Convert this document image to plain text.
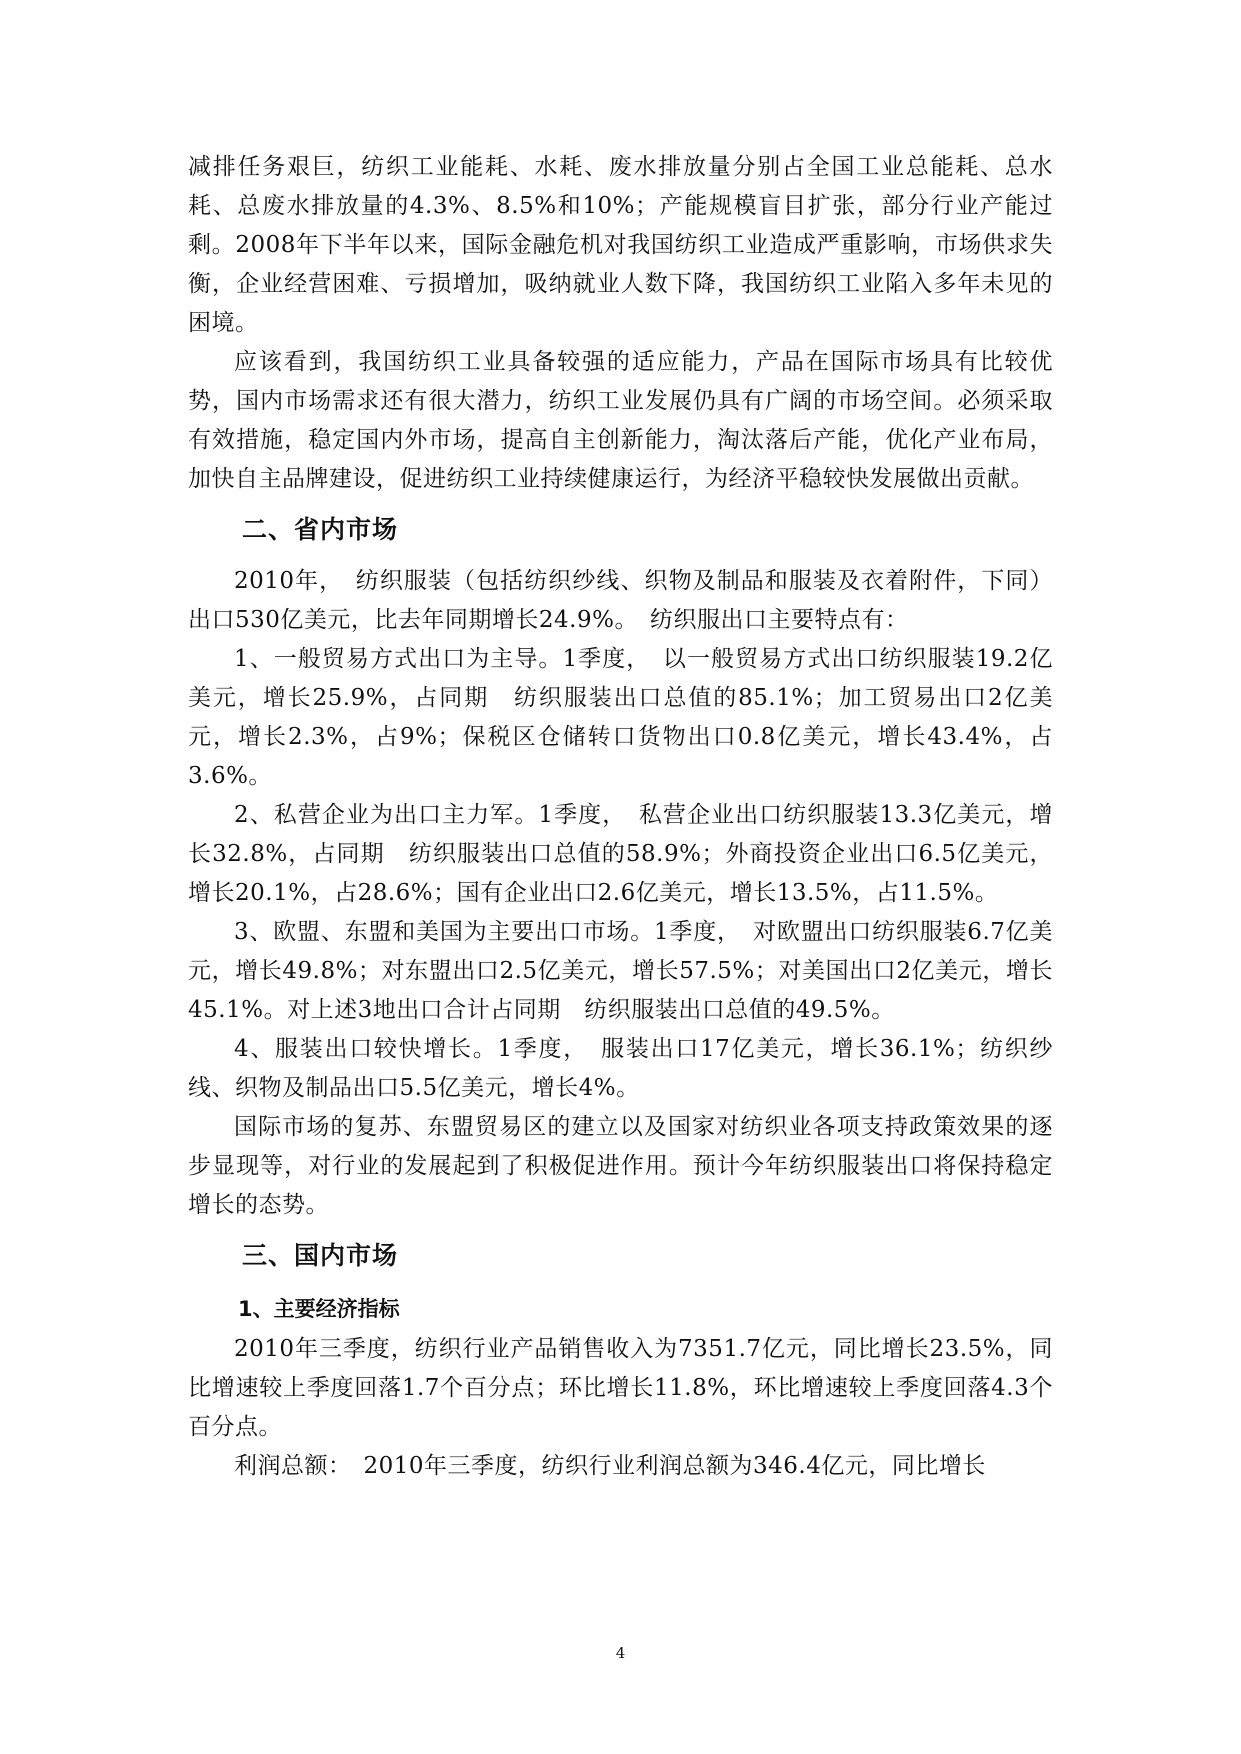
减排任务艰巨，纺织工业能耗、水耗、废水排放量分别占全国工业总能耗、总水耗、总废水排放量的4.3%、8.5%和10%；产能规模盲目扩张，部分行业产能过剩。2008年下半年以来，国际金融危机对我国纺织工业造成严重影响，市场供求失衡，企业经营困难、亏损增加，吸纳就业人数下降，我国纺织工业陷入多年未见的困境。

应该看到，我国纺织工业具备较强的适应能力，产品在国际市场具有比较优势，国内市场需求还有很大潜力，纺织工业发展仍具有广阔的市场空间。必须采取有效措施，稳定国内外市场，提高自主创新能力，淘汰落后产能，优化产业布局，加快自主品牌建设，促进纺织工业持续健康运行，为经济平稳较快发展做出贡献。

二、省内市场

2010年，　纺织服装（包括纺织纱线、织物及制品和服装及衣着附件，下同）出口530亿美元，比去年同期增长24.9%。　纺织服出口主要特点有：

1、一般贸易方式出口为主导。1季度，　以一般贸易方式出口纺织服装19.2亿美元，增长25.9%，占同期　纺织服装出口总值的85.1%；加工贸易出口2亿美元，增长2.3%，占9%；保税区仓储转口货物出口0.8亿美元，增长43.4%，占3.6%。

2、私营企业为出口主力军。1季度，　私营企业出口纺织服装13.3亿美元，增长32.8%，占同期　纺织服装出口总值的58.9%；外商投资企业出口6.5亿美元，增长20.1%，占28.6%；国有企业出口2.6亿美元，增长13.5%，占11.5%。

3、欧盟、东盟和美国为主要出口市场。1季度，　对欧盟出口纺织服装6.7亿美元，增长49.8%；对东盟出口2.5亿美元，增长57.5%；对美国出口2亿美元，增长45.1%。对上述3地出口合计占同期　纺织服装出口总值的49.5%。

4、服装出口较快增长。1季度，　服装出口17亿美元，增长36.1%；纺织纱线、织物及制品出口5.5亿美元，增长4%。

国际市场的复苏、东盟贸易区的建立以及国家对纺织业各项支持政策效果的逐步显现等，对行业的发展起到了积极促进作用。预计今年纺织服装出口将保持稳定增长的态势。

三、国内市场
1、主要经济指标

2010年三季度，纺织行业产品销售收入为7351.7亿元，同比增长23.5%，同比增速较上季度回落1.7个百分点；环比增长11.8%，环比增速较上季度回落4.3个百分点。

利润总额：　2010年三季度，纺织行业利润总额为346.4亿元，同比增长

4
